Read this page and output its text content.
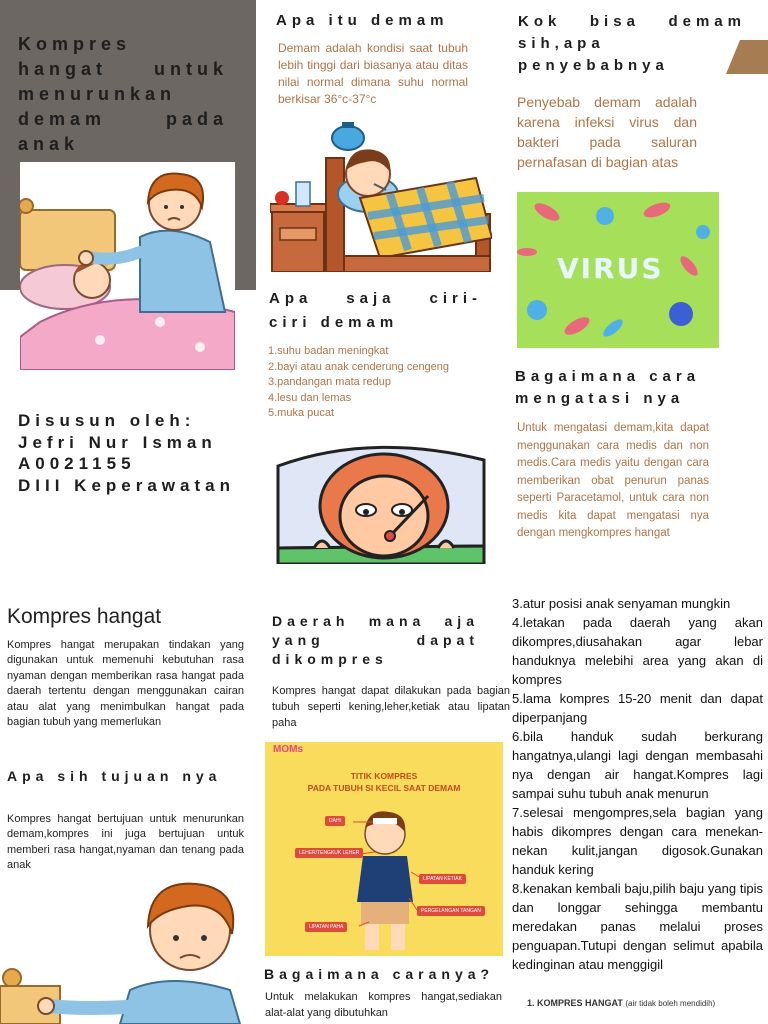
Kompres
hangat untuk
menurunkan
demam pada
anak
Disusun oleh:
Jefri Nur Isman
A0021155
DIII Keperawatan
Apa itu demam
Demam adalah kondisi saat tubuh lebih tinggi dari biasanya atau ditas nilai normal dimana suhu normal berkisar 36°c-37°c
Apa saja ciri-
ciri demam
1.suhu badan meningkat
2.bayi atau anak cenderung cengeng
3.pandangan mata redup
4.lesu dan lemas
5.muka pucat
Kok bisa demam
sih,apa
penyebabnya
Penyebab demam adalah karena infeksi virus dan bakteri pada saluran pernafasan di bagian atas
VIRUS
Bagaimana cara
mengatasi nya
Untuk mengatasi demam,kita dapat menggunakan cara medis dan non medis.Cara medis yaitu dengan cara memberikan obat penurun panas seperti Paracetamol, untuk cara non medis kita dapat mengatasi nya dengan mengkompres hangat
Kompres hangat
Kompres hangat merupakan tindakan yang digunakan untuk memenuhi kebutuhan rasa nyaman dengan memberikan rasa hangat pada daerah tertentu dengan menggunakan cairan atau alat yang menimbulkan hangat pada bagian tubuh yang memerlukan
Apa sih tujuan nya
Kompres hangat bertujuan untuk menurunkan demam,kompres ini juga bertujuan untuk memberi rasa hangat,nyaman dan tenang pada anak
Daerah mana aja
yang dapat
dikompres
Kompres hangat dapat dilakukan pada bagian tubuh seperti kening,leher,ketiak atau lipatan paha
MOMs
TITIK KOMPRES
PADA TUBUH SI KECIL SAAT DEMAM
DAHI
LEHER/TENGKUK LEHER
LIPATAN KETIAK
PERGELANGAN TANGAN
LIPATAN PAHA
Bagaimana caranya?
Untuk melakukan kompres hangat,sediakan alat-alat yang dibutuhkan
3.atur posisi anak senyaman mungkin
4.letakan pada daerah yang akan dikompres,diusahakan agar lebar handuknya melebihi area yang akan di kompres
5.lama kompres 15-20 menit dan dapat diperpanjang
6.bila handuk sudah berkurang hangatnya,ulangi lagi dengan membasahi nya dengan air hangat.Kompres lagi sampai suhu tubuh anak menurun
7.selesai mengompres,sela bagian yang habis dikompres dengan cara menekan-nekan kulit,jangan digosok.Gunakan handuk kering
8.kenakan kembali baju,pilih baju yang tipis dan longgar sehingga membantu meredakan panas melalui proses penguapan.Tutupi dengan selimut apabila kedinginan atau menggigil
1. KOMPRES HANGAT (air tidak boleh mendidih)
